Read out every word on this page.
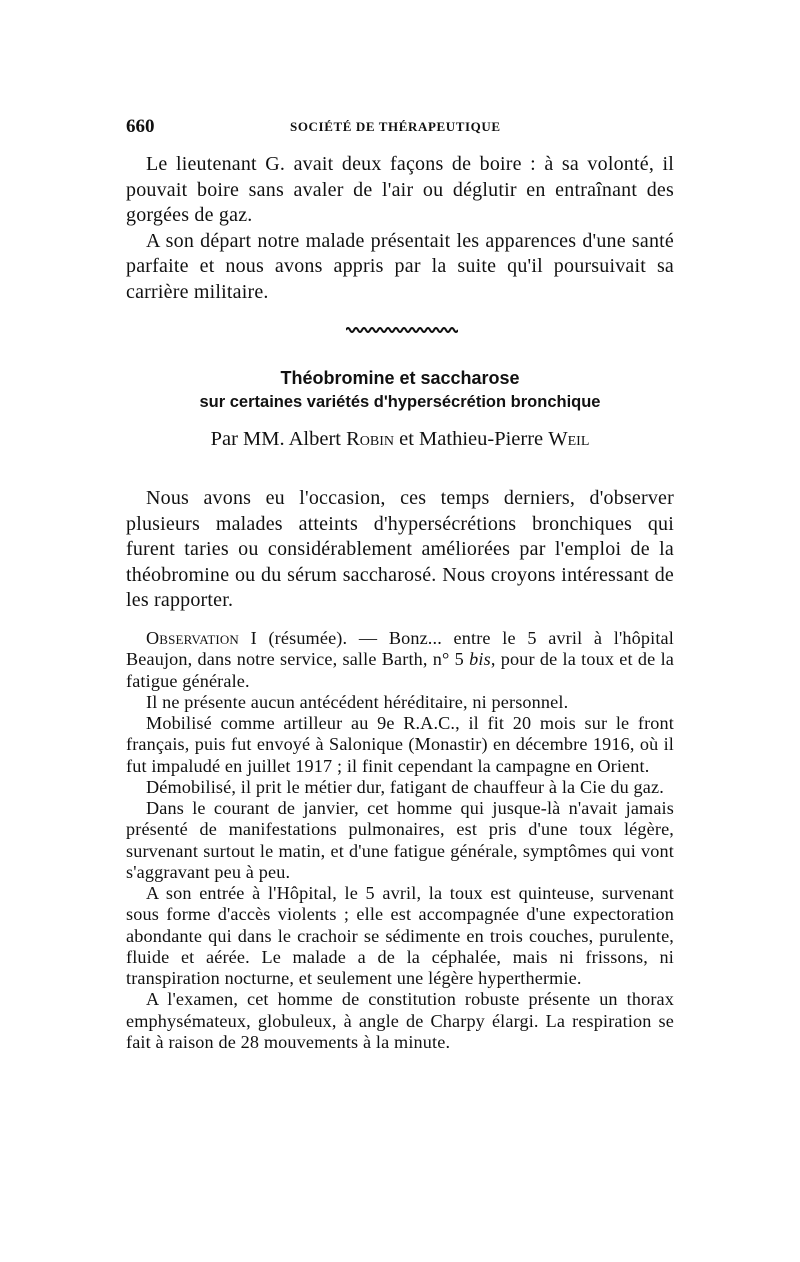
660	SOCIÉTÉ DE THÉRAPEUTIQUE

Le lieutenant G. avait deux façons de boire : à sa volonté, il pouvait boire sans avaler de l'air ou déglutir en entraînant des gorgées de gaz.

A son départ notre malade présentait les apparences d'une santé parfaite et nous avons appris par la suite qu'il poursuivait sa carrière militaire.

Théobromine et saccharose

sur certaines variétés d'hypersécrétion bronchique

Par MM. Albert Robin et Mathieu-Pierre Weil

Nous avons eu l'occasion, ces temps derniers, d'observer plusieurs malades atteints d'hypersécrétions bronchiques qui furent taries ou considérablement améliorées par l'emploi de la théobromine ou du sérum saccharosé. Nous croyons intéressant de les rapporter.

Observation I (résumée). — Bonz... entre le 5 avril à l'hôpital Beaujon, dans notre service, salle Barth, n° 5 bis, pour de la toux et de la fatigue générale.

Il ne présente aucun antécédent héréditaire, ni personnel.

Mobilisé comme artilleur au 9e R.A.C., il fit 20 mois sur le front français, puis fut envoyé à Salonique (Monastir) en décembre 1916, où il fut impaludé en juillet 1917 ; il finit cependant la campagne en Orient.

Démobilisé, il prit le métier dur, fatigant de chauffeur à la Cie du gaz.

Dans le courant de janvier, cet homme qui jusque-là n'avait jamais présenté de manifestations pulmonaires, est pris d'une toux légère, survenant surtout le matin, et d'une fatigue générale, symptômes qui vont s'aggravant peu à peu.

A son entrée à l'Hôpital, le 5 avril, la toux est quinteuse, survenant sous forme d'accès violents ; elle est accompagnée d'une expectoration abondante qui dans le crachoir se sédimente en trois couches, purulente, fluide et aérée. Le malade a de la céphalée, mais ni frissons, ni transpiration nocturne, et seulement une légère hyperthermie.

A l'examen, cet homme de constitution robuste présente un thorax emphysémateux, globuleux, à angle de Charpy élargi. La respiration se fait à raison de 28 mouvements à la minute.
